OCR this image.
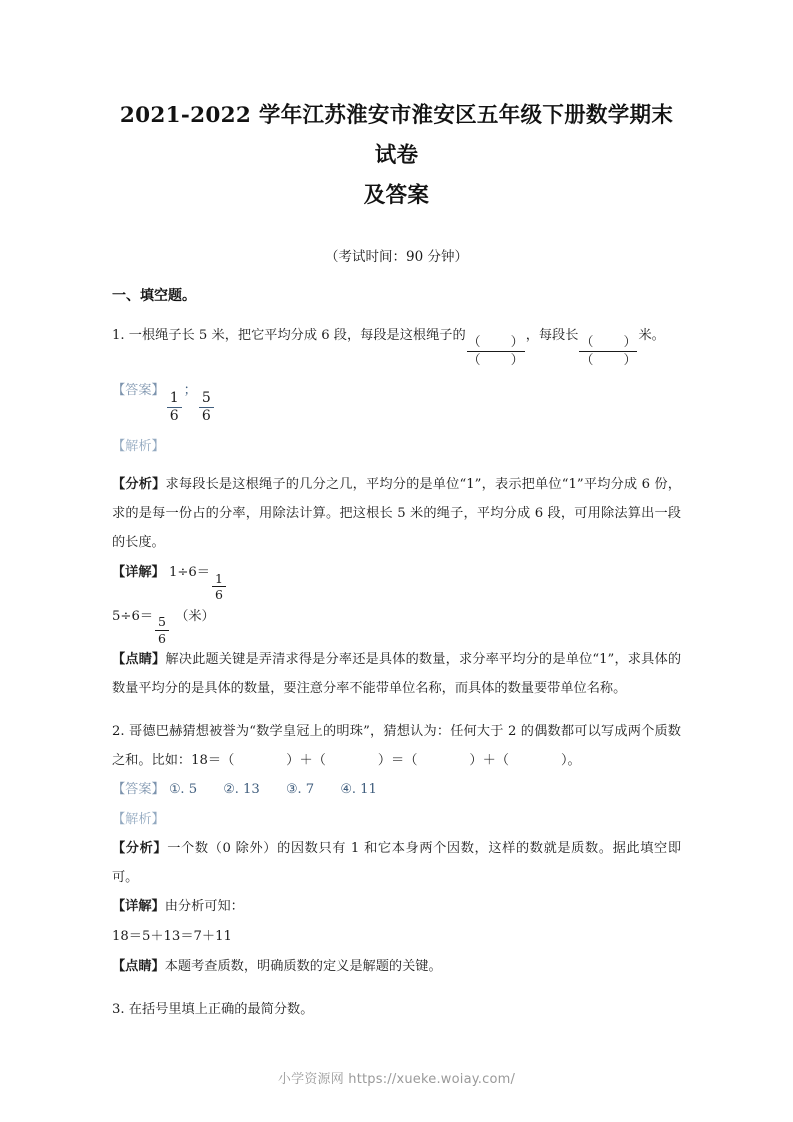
2021-2022 学年江苏淮安市淮安区五年级下册数学期末试卷
及答案
（考试时间：90 分钟）
一、填空题。
1. 一根绳子长 5 米，把它平均分成 6 段，每段是这根绳子的
$\frac{( )}{( )}$
，每段长
$\frac{( )}{( )}$
米。
【答案】
$\frac{1}{6}$
；
$\frac{5}{6}$
【解析】
【分析】求每段长是这根绳子的几分之几，平均分的是单位“1”，表示把单位“1”平均分成 6 份，求的是每一份占的分率，用除法计算。把这根长 5 米的绳子，平均分成 6 段，可用除法算出一段的长度。
【详解】 $1\div 6= \frac{1}{6}$
$5\div 6= \frac{5}{6}$ （米）
【点睛】解决此题关键是弄清求得是分率还是具体的数量，求分率平均分的是单位“1”，求具体的数量平均分的是具体的数量，要注意分率不能带单位名称，而具体的数量要带单位名称。
2. 哥德巴赫猜想被誉为“数学皇冠上的明珠”，猜想认为：任何大于 2 的偶数都可以写成两个质数之和。比如：18＝（	）＋（	）＝（	）＋（	）。
【答案】 ①. 5 ②. 13 ③. 7 ④. 11
【解析】
【分析】一个数（0 除外）的因数只有 1 和它本身两个因数，这样的数就是质数。据此填空即可。
【详解】由分析可知：
18＝5＋13＝7＋11
【点睛】本题考查质数，明确质数的定义是解题的关键。
3. 在括号里填上正确的最简分数。
小学资源网 https://xueke.woiay.com/
